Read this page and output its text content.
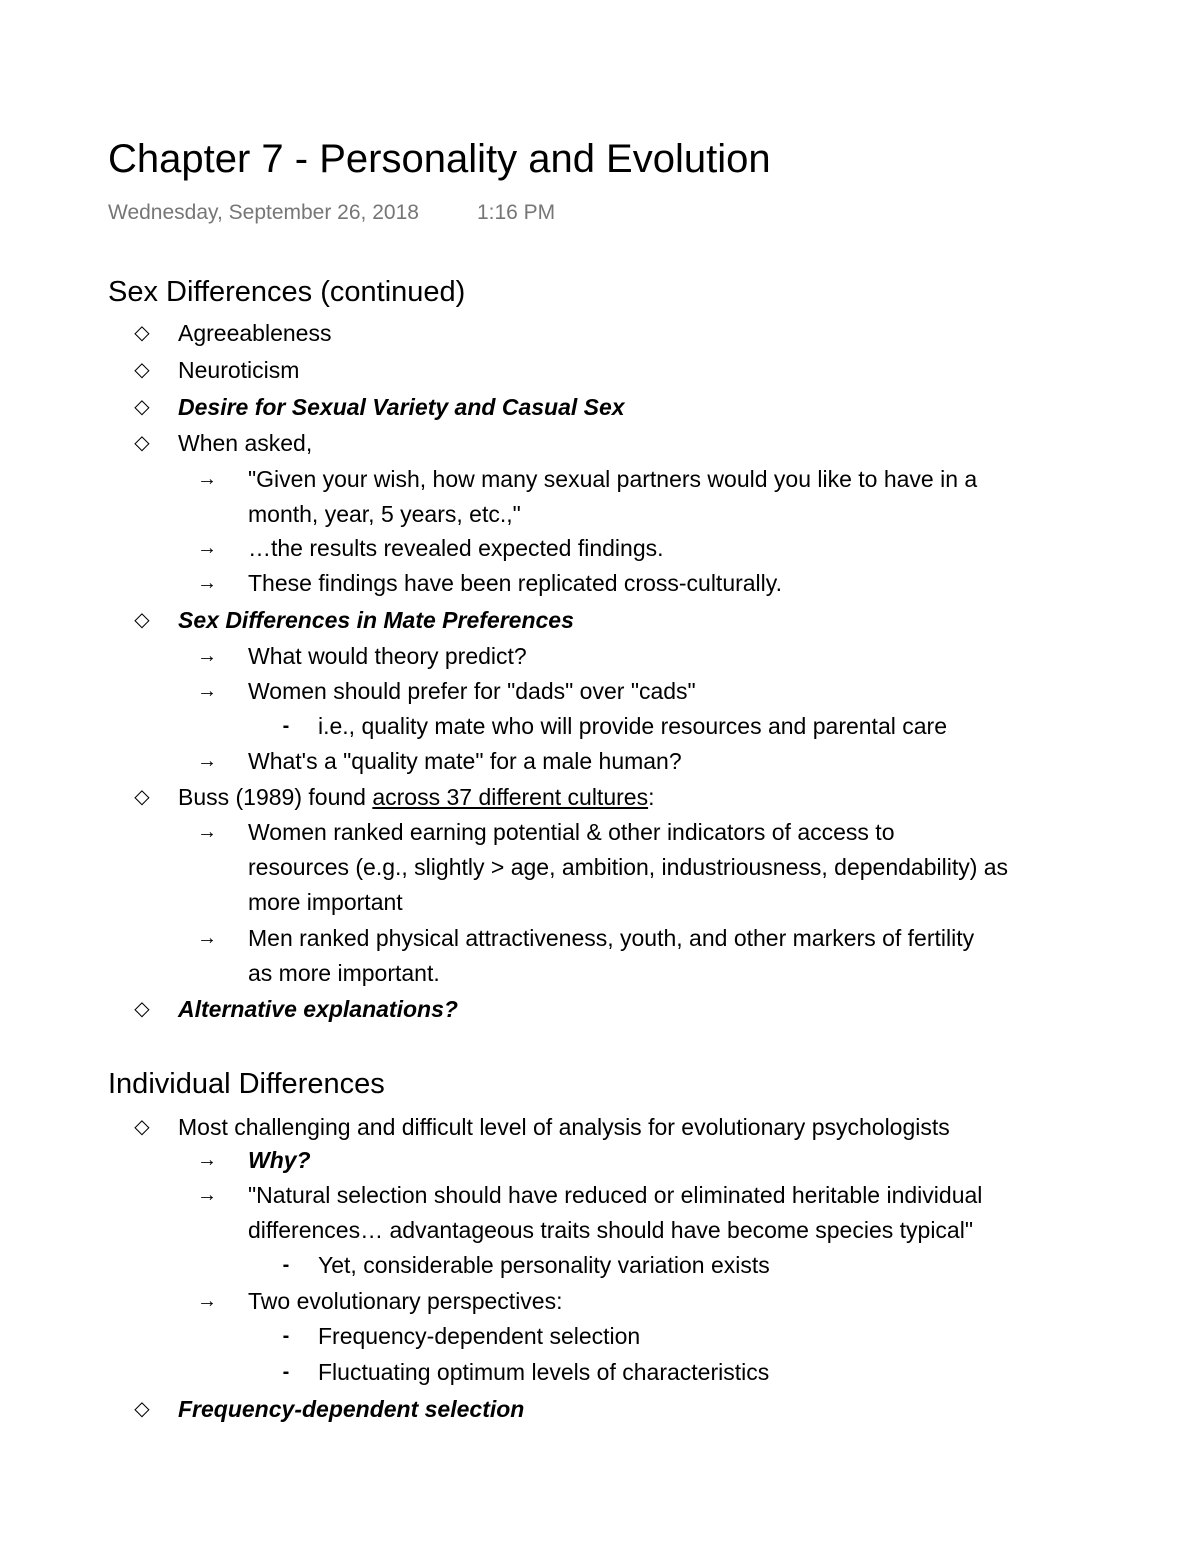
Chapter 7 - Personality and Evolution
Wednesday, September 26, 2018	1:16 PM
Sex Differences (continued)
◇ Agreeableness
◇ Neuroticism
◇ Desire for Sexual Variety and Casual Sex
◇ When asked,
→ "Given your wish, how many sexual partners would you like to have in a
month, year, 5 years, etc.,"
→ …the results revealed expected findings.
→ These findings have been replicated cross-culturally.
◇ Sex Differences in Mate Preferences
→ What would theory predict?
→ Women should prefer for "dads" over "cads"
- i.e., quality mate who will provide resources and parental care
→ What's a "quality mate" for a male human?
◇ Buss (1989) found across 37 different cultures:
→ Women ranked earning potential & other indicators of access to
resources (e.g., slightly > age, ambition, industriousness, dependability) as
more important
→ Men ranked physical attractiveness, youth, and other markers of fertility
as more important.
◇ Alternative explanations?
Individual Differences
◇ Most challenging and difficult level of analysis for evolutionary psychologists
→ Why?
→ "Natural selection should have reduced or eliminated heritable individual
differences… advantageous traits should have become species typical"
- Yet, considerable personality variation exists
→ Two evolutionary perspectives:
- Frequency-dependent selection
- Fluctuating optimum levels of characteristics
◇ Frequency-dependent selection
